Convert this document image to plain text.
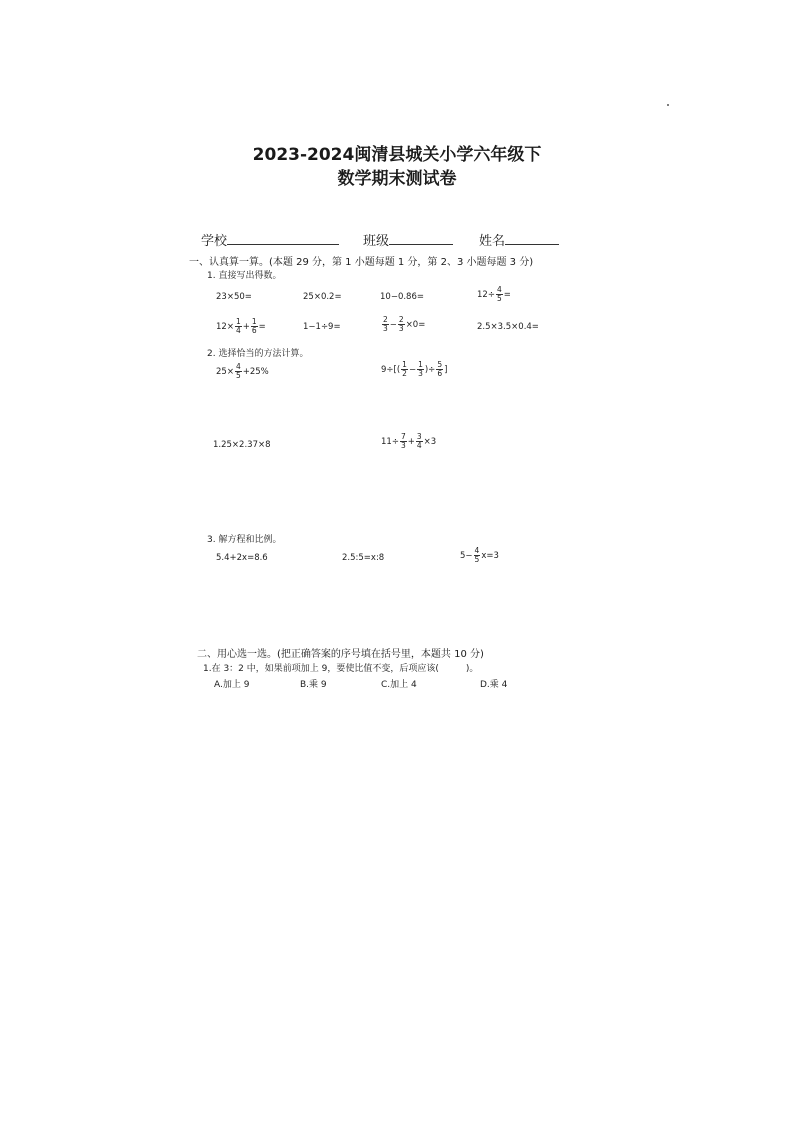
2023-2024闽清县城关小学六年级下
数学期末测试卷
学校	班级	姓名
一、认真算一算。(本题 29 分，第 1 小题每题 1 分，第 2、3 小题每题 3 分)
1. 直接写出得数。
23×50=	25×0.2=	10−0.86=	$12\div \frac{4}{5}$ =
$12\times \frac{1}{4} + \frac{1}{6}$ =	1−1÷9=	$\frac{2}{3} - \frac{2}{3} \times 0=$	2.5×3.5×0.4=
2. 选择恰当的方法计算。
$25\times \frac{4}{5} +25\%$	$9\div[( \frac{1}{2} - \frac{1}{3}$ )÷ $\frac{5}{6}$ ]
1.25×2.37×8	$11\div \frac{7}{3} + \frac{3}{4} \times 3$
3. 解方程和比例。
5.4+2x=8.6	2.5:5=x:8	$5- \frac{4}{5} x=3$
二、用心选一选。(把正确答案的序号填在括号里，本题共 10 分)
1.在 3：2 中，如果前项加上 9，要使比值不变，后项应该(　　　)。
A.加上 9	B.乘 9	C.加上 4	D.乘 4
